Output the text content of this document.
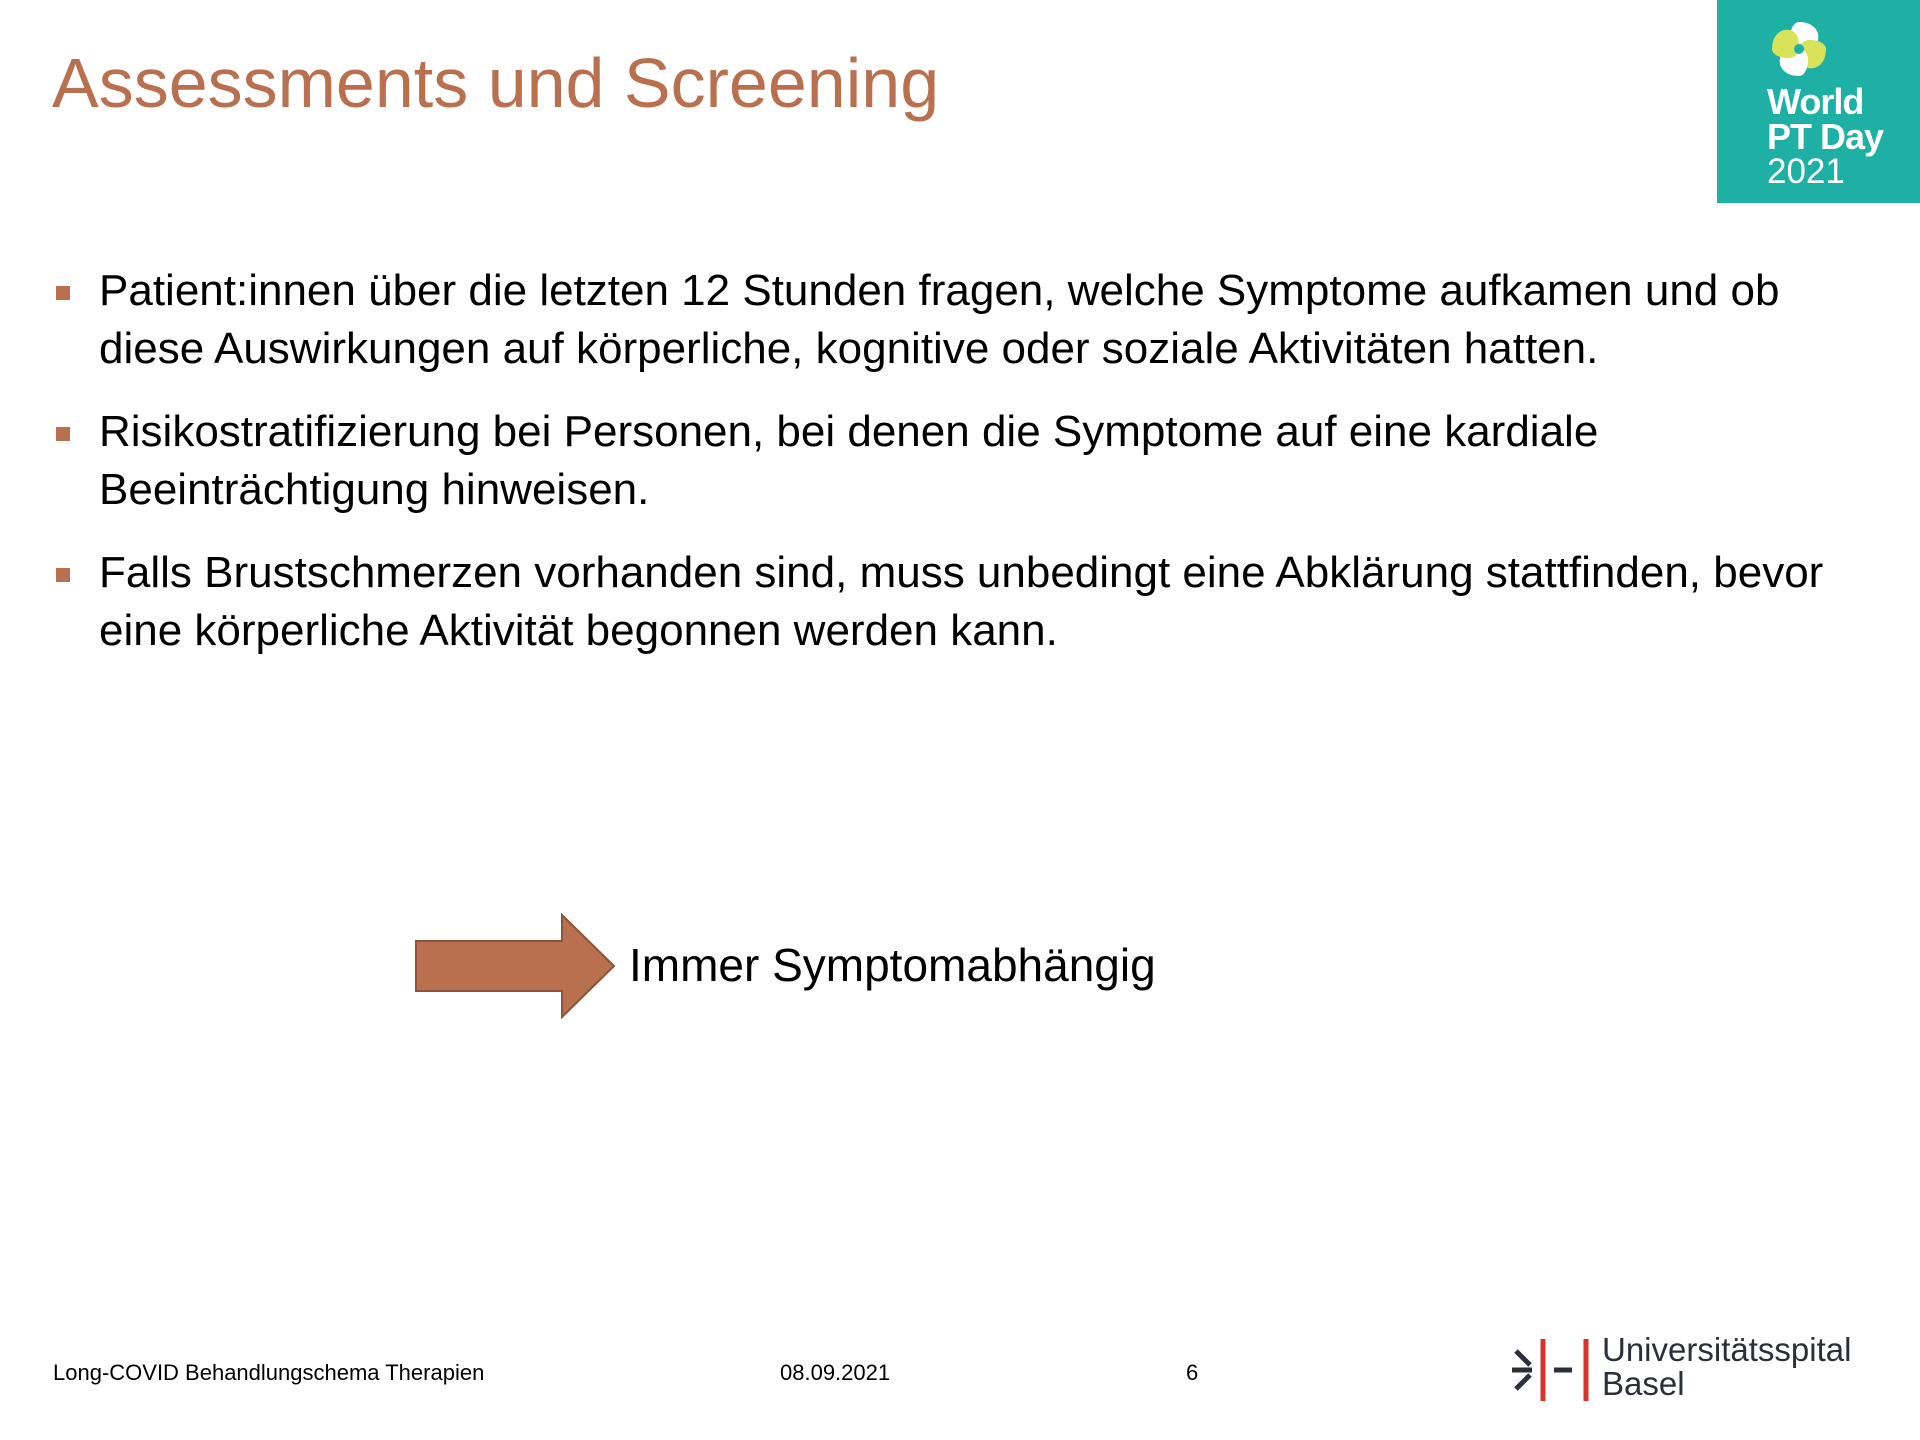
Assessments und Screening	World
PT Day
2021
Patient:innen über die letzten 12 Stunden fragen, welche Symptome aufkamen und ob diese Auswirkungen auf körperliche, kognitive oder soziale Aktivitäten hatten.
Risikostratifizierung bei Personen, bei denen die Symptome auf eine kardiale Beeinträchtigung hinweisen.
Falls Brustschmerzen vorhanden sind, muss unbedingt eine Abklärung stattfinden, bevor eine körperliche Aktivität begonnen werden kann.
Immer Symptomabhängig
Long-COVID Behandlungschema Therapien	08.09.2021	6
Universitätsspital
Basel
